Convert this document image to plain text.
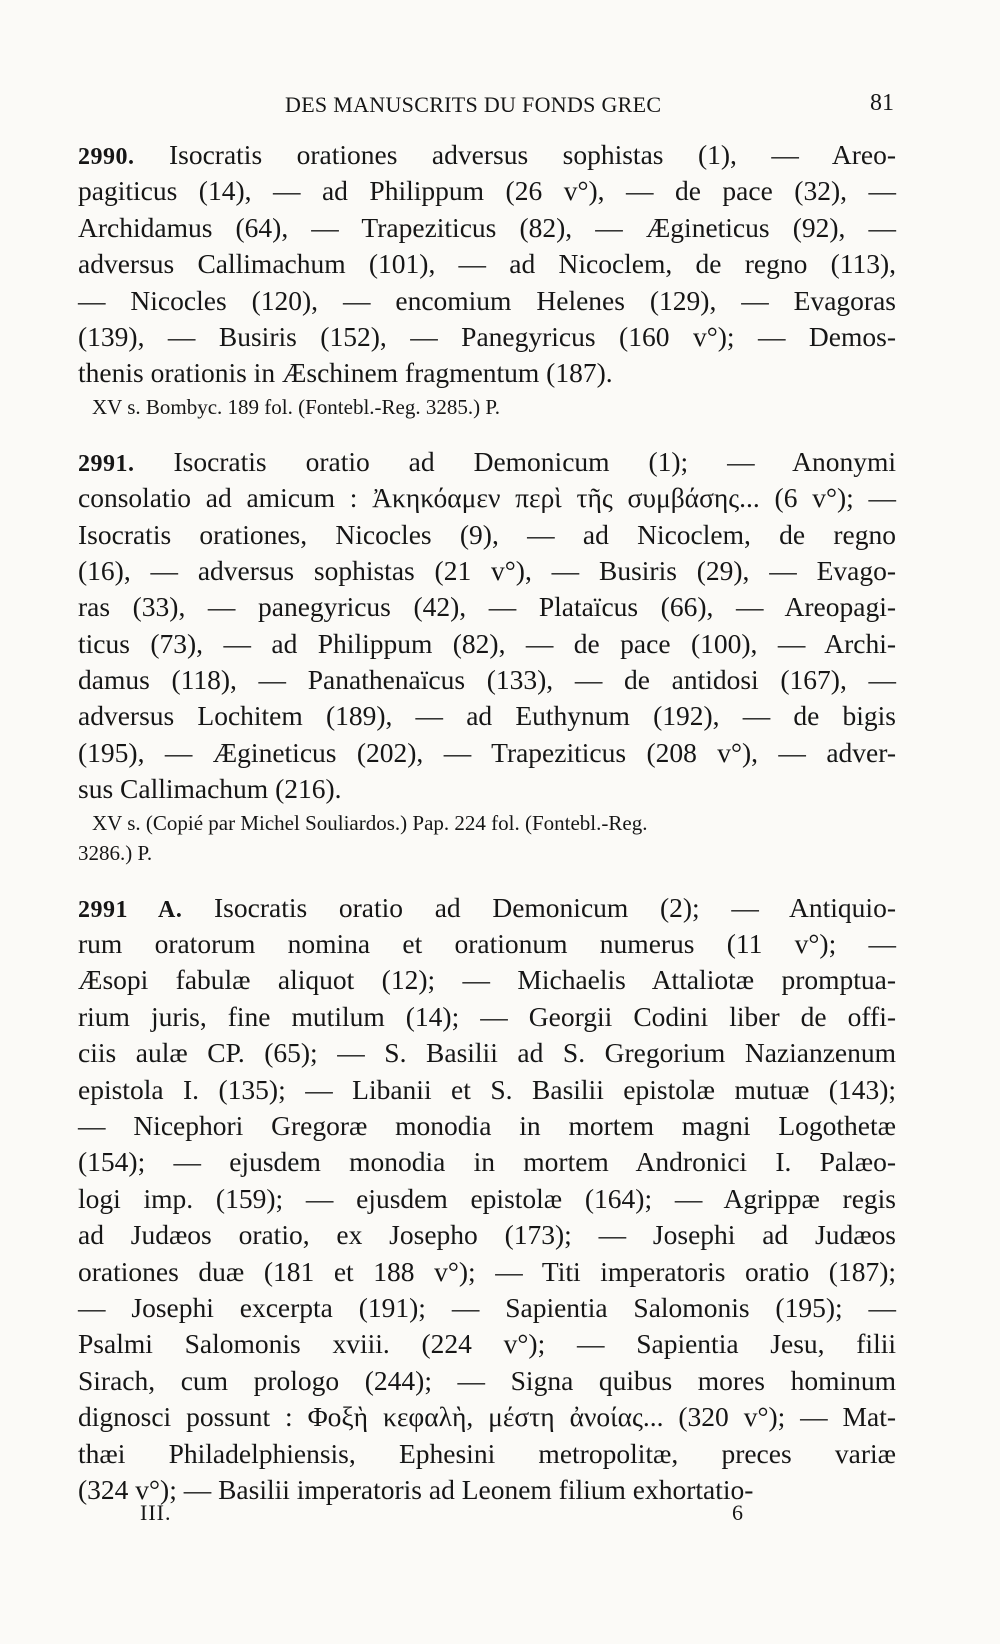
DES MANUSCRITS DU FONDS GREC	81
2990. Isocratis orationes adversus sophistas (1), — Areo-
pagiticus (14), — ad Philippum (26 v°), — de pace (32), —
Archidamus (64), — Trapeziticus (82), — Ægineticus (92), —
adversus Callimachum (101), — ad Nicoclem, de regno (113),
— Nicocles (120), — encomium Helenes (129), — Evagoras
(139), — Busiris (152), — Panegyricus (160 v°); — Demos-
thenis orationis in Æschinem fragmentum (187).
XV s. Bombyc. 189 fol. (Fontebl.-Reg. 3285.) P.
2991. Isocratis oratio ad Demonicum (1); — Anonymi
consolatio ad amicum : Ἀκηκόαμεν περὶ τῆς συμβάσης... (6 v°); —
Isocratis orationes, Nicocles (9), — ad Nicoclem, de regno
(16), — adversus sophistas (21 v°), — Busiris (29), — Evago-
ras (33), — panegyricus (42), — Plataïcus (66), — Areopagi-
ticus (73), — ad Philippum (82), — de pace (100), — Archi-
damus (118), — Panathenaïcus (133), — de antidosi (167), —
adversus Lochitem (189), — ad Euthynum (192), — de bigis
(195), — Ægineticus (202), — Trapeziticus (208 v°), — adver-
sus Callimachum (216).
XV s. (Copié par Michel Souliardos.) Pap. 224 fol. (Fontebl.-Reg.
3286.) P.
2991 A. Isocratis oratio ad Demonicum (2); — Antiquio-
rum oratorum nomina et orationum numerus (11 v°); —
Æsopi fabulæ aliquot (12); — Michaelis Attaliotæ promptua-
rium juris, fine mutilum (14); — Georgii Codini liber de offi-
ciis aulæ CP. (65); — S. Basilii ad S. Gregorium Nazianzenum
epistola I. (135); — Libanii et S. Basilii epistolæ mutuæ (143);
— Nicephori Gregoræ monodia in mortem magni Logothetæ
(154); — ejusdem monodia in mortem Andronici I. Palæo-
logi imp. (159); — ejusdem epistolæ (164); — Agrippæ regis
ad Judæos oratio, ex Josepho (173); — Josephi ad Judæos
orationes duæ (181 et 188 v°); — Titi imperatoris oratio (187);
— Josephi excerpta (191); — Sapientia Salomonis (195); —
Psalmi Salomonis xviii. (224 v°); — Sapientia Jesu, filii
Sirach, cum prologo (244); — Signa quibus mores hominum
dignosci possunt : Φοξὴ κεφαλὴ, μέστη ἀνοίας... (320 v°); — Mat-
thæi Philadelphiensis, Ephesini metropolitæ, preces variæ
(324 v°); — Basilii imperatoris ad Leonem filium exhortatio-
III.	6
